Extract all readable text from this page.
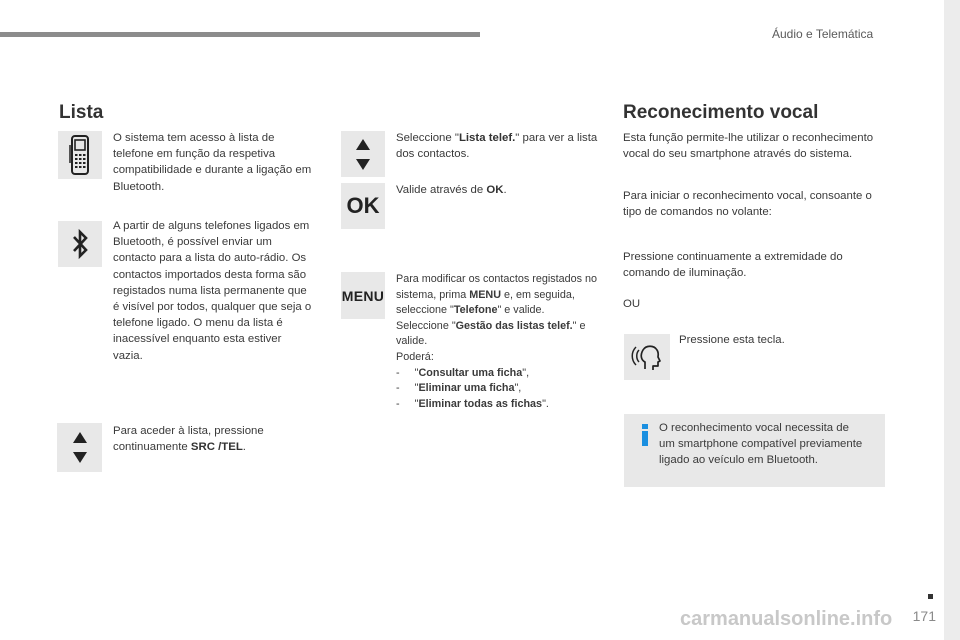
Áudio e Telemática
Lista
O sistema tem acesso à lista de telefone em função da respetiva compatibilidade e durante a ligação em Bluetooth.
A partir de alguns telefones ligados em Bluetooth, é possível enviar um contacto para a lista do auto-rádio. Os contactos importados desta forma são registados numa lista permanente que é visível por todos, qualquer que seja o telefone ligado. O menu da lista é inacessível enquanto esta estiver vazia.
Para aceder à lista, pressione continuamente SRC /TEL.
Seleccione "Lista telef." para ver a lista dos contactos.
OK
Valide através de OK.
MENU
Para modificar os contactos registados no sistema, prima MENU e, em seguida, seleccione "Telefone" e valide.
Seleccione "Gestão das listas telef." e valide.
Poderá:
- "Consultar uma ficha",
- "Eliminar uma ficha",
- "Eliminar todas as fichas".
Reconecimento vocal
Esta função permite-lhe utilizar o reconhecimento vocal do seu smartphone através do sistema.
Para iniciar o reconhecimento vocal, consoante o tipo de comandos no volante:
Pressione continuamente a extremidade do comando de iluminação.
OU
Pressione esta tecla.
O reconhecimento vocal necessita de um smartphone compatível previamente ligado ao veículo em Bluetooth.
carmanualsonline.info 171
